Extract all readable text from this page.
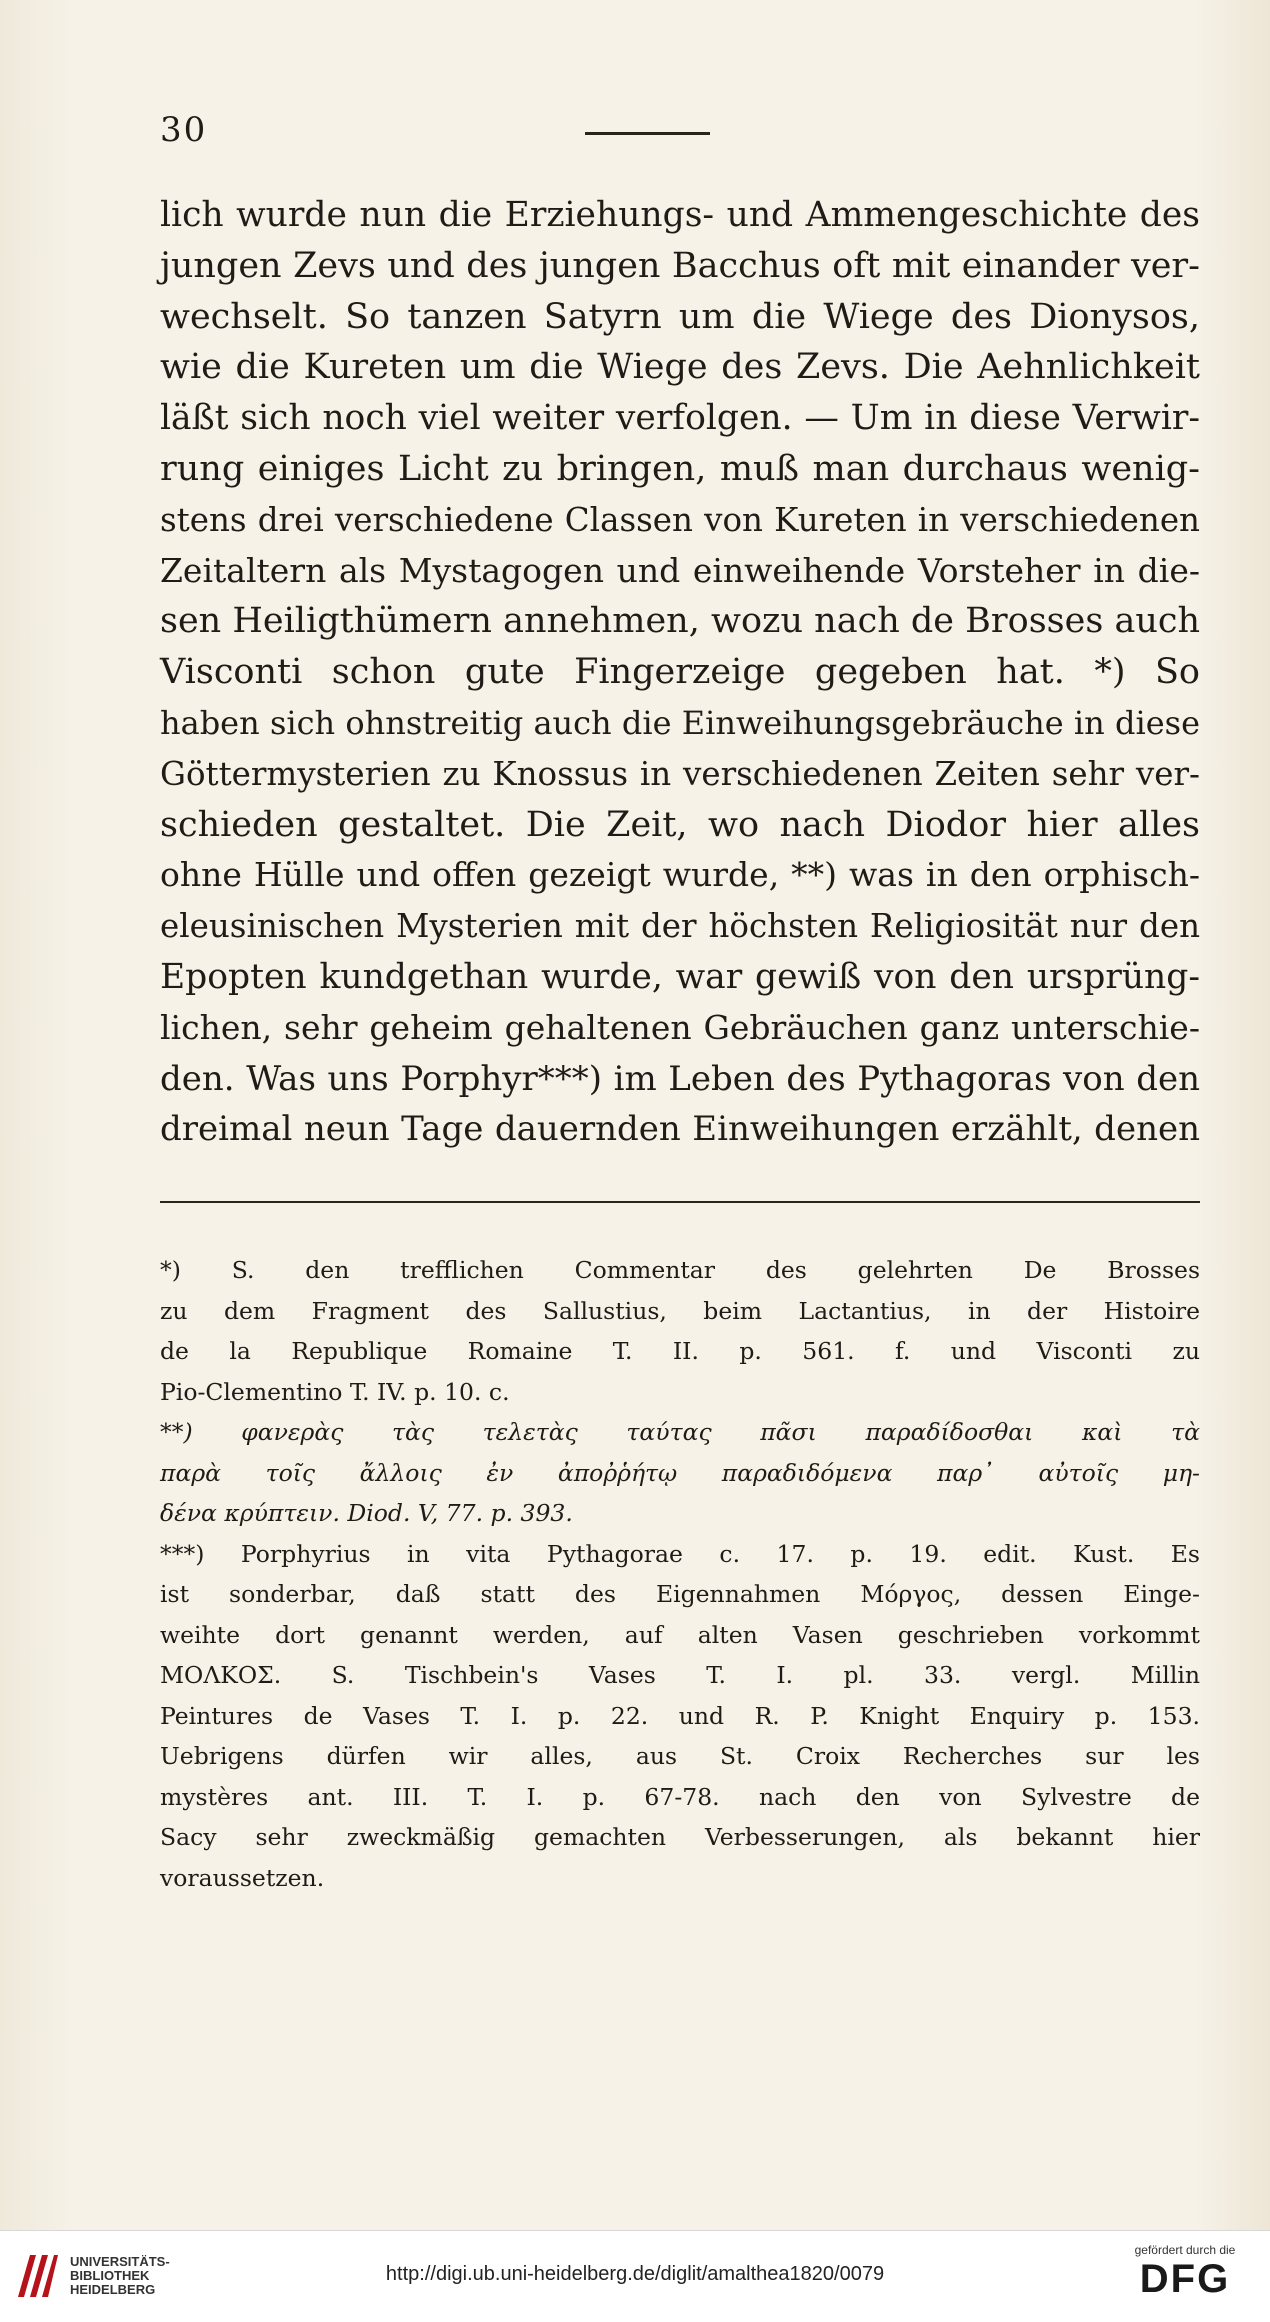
30
lich wurde nun die Erziehungs- und Ammengeschichte des
jungen Zevs und des jungen Bacchus oft mit einander ver-
wechselt. So tanzen Satyrn um die Wiege des Dionysos,
wie die Kureten um die Wiege des Zevs. Die Aehnlichkeit
läßt sich noch viel weiter verfolgen. — Um in diese Verwir-
rung einiges Licht zu bringen, muß man durchaus wenig-
stens drei verschiedene Classen von Kureten in verschiedenen
Zeitaltern als Mystagogen und einweihende Vorsteher in die-
sen Heiligthümern annehmen, wozu nach de Brosses auch
Visconti schon gute Fingerzeige gegeben hat. *) So
haben sich ohnstreitig auch die Einweihungsgebräuche in diese
Göttermysterien zu Knossus in verschiedenen Zeiten sehr ver-
schieden gestaltet. Die Zeit, wo nach Diodor hier alles
ohne Hülle und offen gezeigt wurde, **) was in den orphisch-
eleusinischen Mysterien mit der höchsten Religiosität nur den
Epopten kundgethan wurde, war gewiß von den ursprüng-
lichen, sehr geheim gehaltenen Gebräuchen ganz unterschie-
den. Was uns Porphyr***) im Leben des Pythagoras von den
dreimal neun Tage dauernden Einweihungen erzählt, denen
*) S. den trefflichen Commentar des gelehrten De Brosses
zu dem Fragment des Sallustius, beim Lactantius, in der Histoire
de la Republique Romaine T. II. p. 561. f. und Visconti zu
Pio-Clementino T. IV. p. 10. c.
**) φανερὰς τὰς τελετὰς ταύτας πᾶσι παραδίδοσθαι καὶ τὰ
παρὰ τοῖς ἄλλοις ἐν ἀποῤῥήτῳ παραδιδόμενα παρ᾽ αὐτοῖς μη-
δένα κρύπτειν. Diod. V, 77. p. 393.
***) Porphyrius in vita Pythagorae c. 17. p. 19. edit. Kust. Es
ist sonderbar, daß statt des Eigennahmen Μόργος, dessen Einge-
weihte dort genannt werden, auf alten Vasen geschrieben vorkommt
ΜΟΛΚΟΣ. S. Tischbein's Vases T. I. pl. 33. vergl. Millin
Peintures de Vases T. I. p. 22. und R. P. Knight Enquiry p. 153.
Uebrigens dürfen wir alles, aus St. Croix Recherches sur les
mystères ant. III. T. I. p. 67-78. nach den von Sylvestre de
Sacy sehr zweckmäßig gemachten Verbesserungen, als bekannt hier
voraussetzen.
UNIVERSITÄTS-
BIBLIOTHEK
HEIDELBERG
http://digi.ub.uni-heidelberg.de/diglit/amalthea1820/0079
gefördert durch die
DFG
